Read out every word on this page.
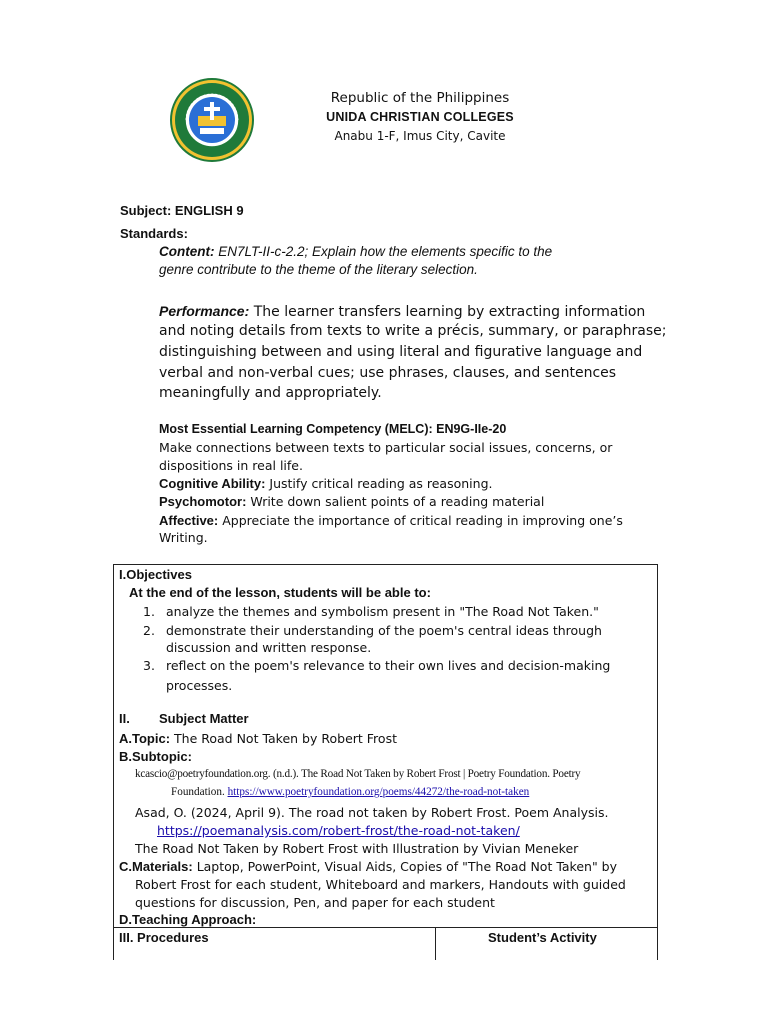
Republic of the Philippines
UNIDA CHRISTIAN COLLEGES
Anabu 1-F, Imus City, Cavite
Subject: ENGLISH 9
Standards:
Content: EN7LT-II-c-2.2; Explain how the elements specific to the
genre contribute to the theme of the literary selection.
Performance: The learner transfers learning by extracting information
and noting details from texts to write a précis, summary, or paraphrase;
distinguishing between and using literal and figurative language and
verbal and non-verbal cues; use phrases, clauses, and sentences
meaningfully and appropriately.
Most Essential Learning Competency (MELC): EN9G-IIe-20
Make connections between texts to particular social issues, concerns, or
dispositions in real life.
Cognitive Ability: Justify critical reading as reasoning.
Psychomotor: Write down salient points of a reading material
Affective: Appreciate the importance of critical reading in improving one’s
Writing.
I.Objectives
At the end of the lesson, students will be able to:
1. analyze the themes and symbolism present in "The Road Not Taken."
2. demonstrate their understanding of the poem's central ideas through
discussion and written response.
3. reflect on the poem's relevance to their own lives and decision-making
processes.
II. Subject Matter
A.Topic: The Road Not Taken by Robert Frost
B.Subtopic:
kcascio@poetryfoundation.org. (n.d.). The Road Not Taken by Robert Frost | Poetry Foundation. Poetry
Foundation. https://www.poetryfoundation.org/poems/44272/the-road-not-taken
Asad, O. (2024, April 9). The road not taken by Robert Frost. Poem Analysis.
https://poemanalysis.com/robert-frost/the-road-not-taken/
The Road Not Taken by Robert Frost with Illustration by Vivian Meneker
C.Materials: Laptop, PowerPoint, Visual Aids, Copies of "The Road Not Taken" by
Robert Frost for each student, Whiteboard and markers, Handouts with guided
questions for discussion, Pen, and paper for each student
D.Teaching Approach:
III. Procedures	Student’s Activity
